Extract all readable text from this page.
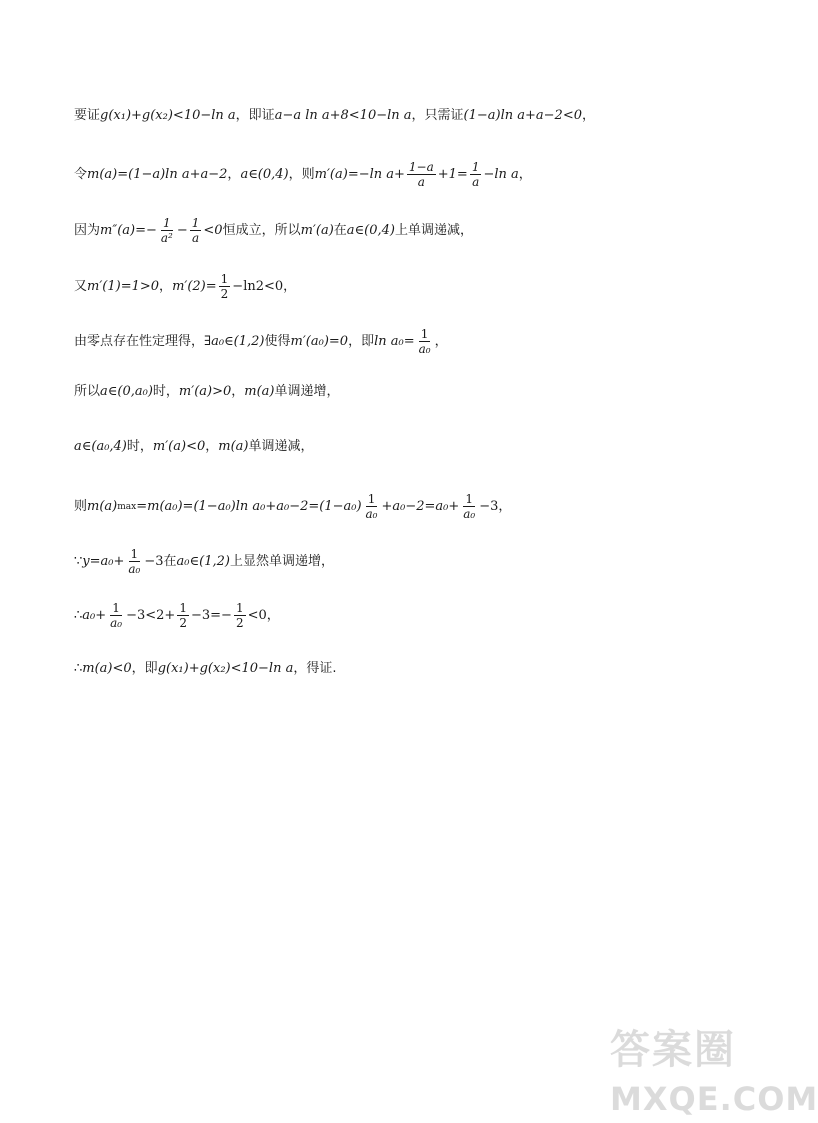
要证 g(x₁)+g(x₂)<10−ln a ，即证 a−a ln a+8<10−ln a ，只需证 (1−a)ln a+a−2<0 ，
令 m(a)=(1−a)ln a+a−2 ， a∈(0,4) ，则 m′(a)=−ln $a+ \frac{1-a}{a} +1= \frac{1}{a} -\ln$ a ，
因为 $m''(a)=- \frac{1}{\text{a²}} - \frac{1}{a} <0$ 恒成立，所以 m′(a) 在 a∈(0,4) 上单调递减，
又 m′(1)=1>0 ， $m'(2)= \frac{1}{2} -\ln 2<0$ ，
由零点存在性定理得， ∃a₀∈(1,2) 使得 m′(a₀)=0 ，即 $\ln a_0= \frac{1}{\text{a₀}}$ ，
所以 a∈(0,a₀) 时， m′(a)>0 ， m(a) 单调递增，
a∈(a₀,4) 时， m′(a)<0 ， m(a) 单调递减，
则 m(a) max =m(a₀)=(1−a₀)ln $a_0+a_0-2=(1-a_0) \frac{1}{\text{a₀}} +a_0-2=a_0+ \frac{1}{\text{a₀}} -3$ ，
∵ $y=a_0+ \frac{1}{\text{a₀}} -3$ 在 a₀∈(1,2) 上显然单调递增，
∴ $a_0+ \frac{1}{\text{a₀}} -3<2+ \frac{1}{2} -3=- \frac{1}{2} <0$ ，
∴ m(a)<0 ，即 g(x₁)+g(x₂)<10−ln a ，得证.
答案圈
MXQE.COM
